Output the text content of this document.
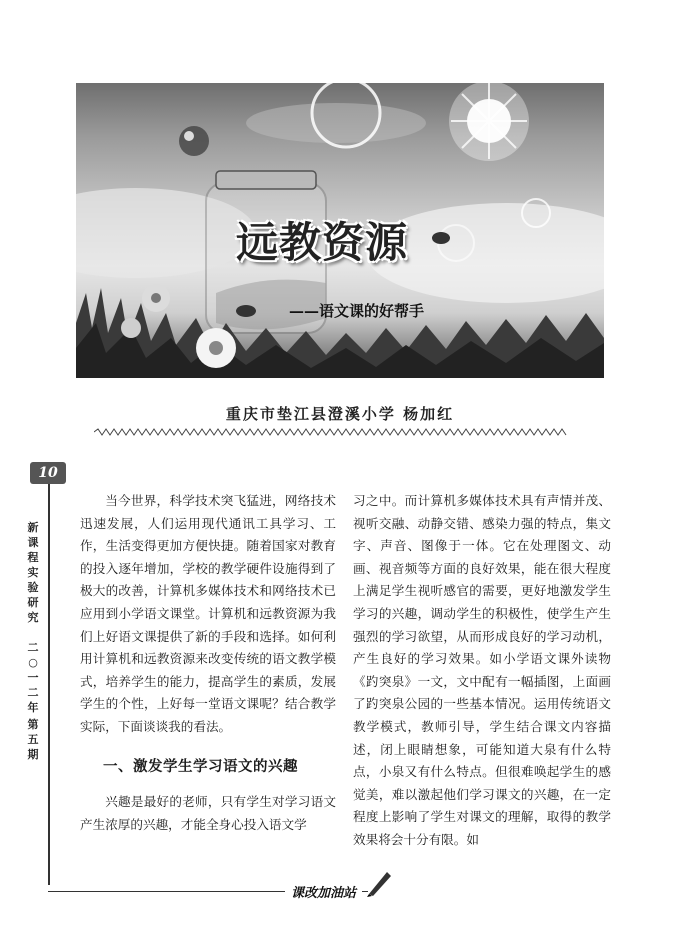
远教资源
——语文课的好帮手
重庆市垫江县澄溪小学 杨加红
10
新课程实验研究
二○一二年
第五期

当今世界，科学技术突飞猛进，网络技术迅速发展，人们运用现代通讯工具学习、工作，生活变得更加方便快捷。随着国家对教育的投入逐年增加，学校的教学硬件设施得到了极大的改善，计算机多媒体技术和网络技术已应用到小学语文课堂。计算机和远教资源为我们上好语文课提供了新的手段和选择。如何利用计算机和远教资源来改变传统的语文教学模式，培养学生的能力，提高学生的素质，发展学生的个性，上好每一堂语文课呢？结合教学实际，下面谈谈我的看法。

一、激发学生学习语文的兴趣

兴趣是最好的老师，只有学生对学习语文产生浓厚的兴趣，才能全身心投入语文学

习之中。而计算机多媒体技术具有声情并茂、视听交融、动静交错、感染力强的特点，集文字、声音、图像于一体。它在处理图文、动画、视音频等方面的良好效果，能在很大程度上满足学生视听感官的需要，更好地激发学生学习的兴趣，调动学生的积极性，使学生产生强烈的学习欲望，从而形成良好的学习动机，产生良好的学习效果。如小学语文课外读物《趵突泉》一文，文中配有一幅插图，上面画了趵突泉公园的一些基本情况。运用传统语文教学模式，教师引导，学生结合课文内容描述，闭上眼睛想象，可能知道大泉有什么特点，小泉又有什么特点。但很难唤起学生的感觉美，难以激起他们学习课文的兴趣，在一定程度上影响了学生对课文的理解，取得的教学效果将会十分有限。如

课改加油站
